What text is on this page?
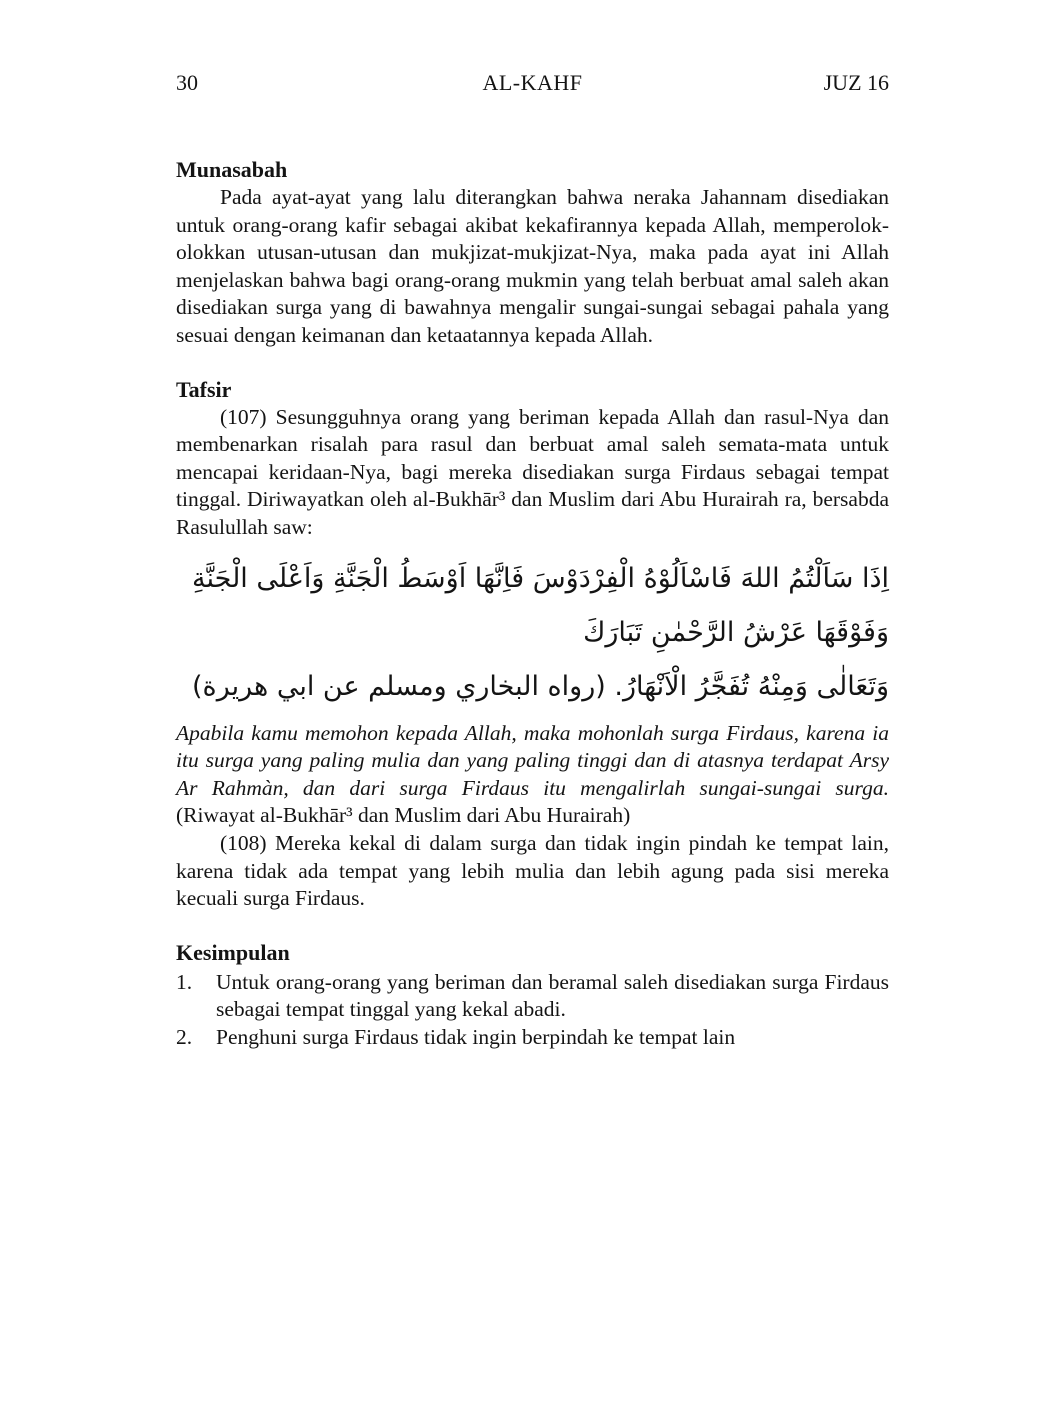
30	AL-KAHF	JUZ 16
Munasabah

Pada ayat-ayat yang lalu diterangkan bahwa neraka Jahannam disediakan untuk orang-orang kafir sebagai akibat kekafirannya kepada Allah, memperolok-olokkan utusan-utusan dan mukjizat-mukjizat-Nya, maka pada ayat ini Allah menjelaskan bahwa bagi orang-orang mukmin yang telah berbuat amal saleh akan disediakan surga yang di bawahnya mengalir sungai-sungai sebagai pahala yang sesuai dengan keimanan dan ketaatannya kepada Allah.

Tafsir

(107) Sesungguhnya orang yang beriman kepada Allah dan rasul-Nya dan membenarkan risalah para rasul dan berbuat amal saleh semata-mata untuk mencapai keridaan-Nya, bagi mereka disediakan surga Firdaus sebagai tempat tinggal. Diriwayatkan oleh al-Bukhār³ dan Muslim dari Abu Hurairah ra, bersabda Rasulullah saw:

اِذَا سَاَلْتُمُ اللهَ فَاسْاَلُوْهُ الْفِرْدَوْسَ فَاِنَّهَا اَوْسَطُ الْجَنَّةِ وَاَعْلَى الْجَنَّةِ وَفَوْقَهَا عَرْشُ الرَّحْمٰنِ تَبَارَكَ
وَتَعَالٰى وَمِنْهُ تُفَجَّرُ الْاَنْهَارُ. (رواه البخاري ومسلم عن ابي هريرة)

Apabila kamu memohon kepada Allah, maka mohonlah surga Firdaus, karena ia itu surga yang paling mulia dan yang paling tinggi dan di atasnya terdapat Arsy Ar Rahmàn, dan dari surga Firdaus itu mengalirlah sungai-sungai surga. (Riwayat al-Bukhār³ dan Muslim dari Abu Hurairah)

(108) Mereka kekal di dalam surga dan tidak ingin pindah ke tempat lain, karena tidak ada tempat yang lebih mulia dan lebih agung pada sisi mereka kecuali surga Firdaus.

Kesimpulan
1.	Untuk orang-orang yang beriman dan beramal saleh disediakan surga Firdaus sebagai tempat tinggal yang kekal abadi.
2.	Penghuni surga Firdaus tidak ingin berpindah ke tempat lain
